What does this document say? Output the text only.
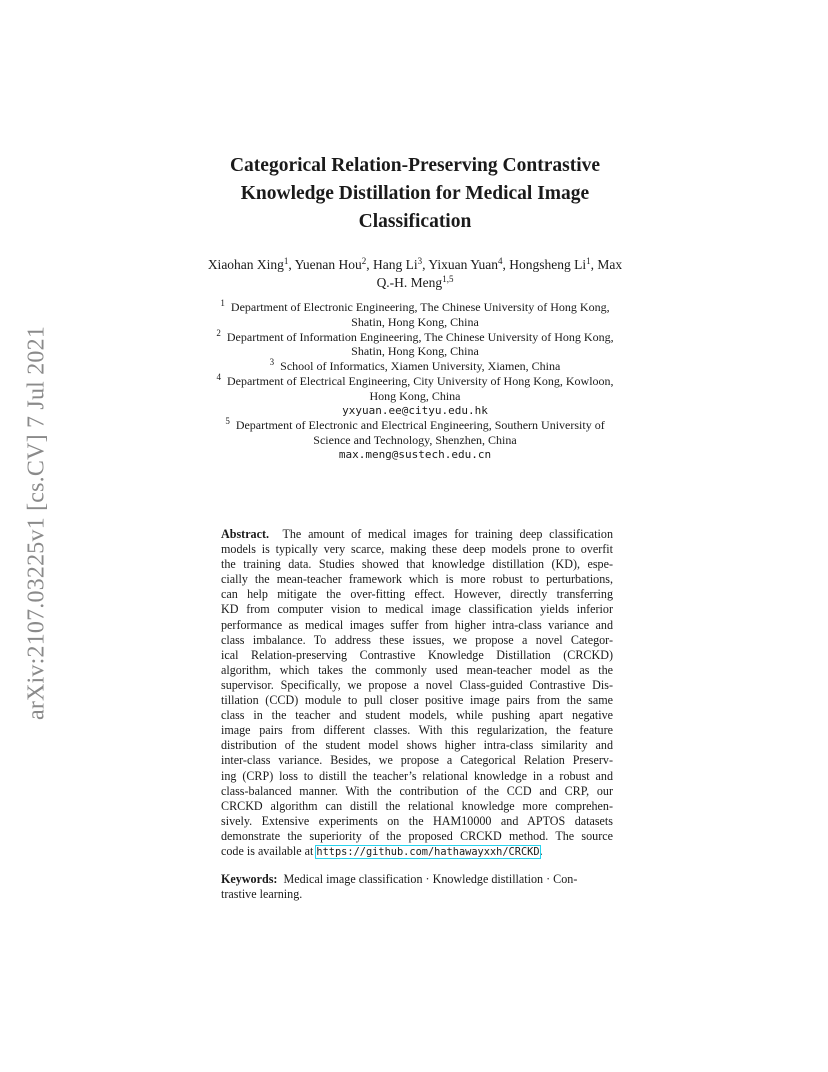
arXiv:2107.03225v1 [cs.CV] 7 Jul 2021
Categorical Relation-Preserving Contrastive
Knowledge Distillation for Medical Image
Classification
Xiaohan Xing$^1$, Yuenan Hou$^2$, Hang Li$^3$, Yixuan Yuan$^4$, Hongsheng Li$^1$, Max
Q.-H. Meng$^{1,5}$
$^1$ Department of Electronic Engineering, The Chinese University of Hong Kong,
Shatin, Hong Kong, China
$^2$ Department of Information Engineering, The Chinese University of Hong Kong,
Shatin, Hong Kong, China
$^3$ School of Informatics, Xiamen University, Xiamen, China
$^4$ Department of Electrical Engineering, City University of Hong Kong, Kowloon,
Hong Kong, China
yxyuan.ee@cityu.edu.hk
$^5$ Department of Electronic and Electrical Engineering, Southern University of
Science and Technology, Shenzhen, China
max.meng@sustech.edu.cn
Abstract. The amount of medical images for training deep classification
models is typically very scarce, making these deep models prone to overfit
the training data. Studies showed that knowledge distillation (KD), espe-
cially the mean-teacher framework which is more robust to perturbations,
can help mitigate the over-fitting effect. However, directly transferring
KD from computer vision to medical image classification yields inferior
performance as medical images suffer from higher intra-class variance and
class imbalance. To address these issues, we propose a novel Categor-
ical Relation-preserving Contrastive Knowledge Distillation (CRCKD)
algorithm, which takes the commonly used mean-teacher model as the
supervisor. Specifically, we propose a novel Class-guided Contrastive Dis-
tillation (CCD) module to pull closer positive image pairs from the same
class in the teacher and student models, while pushing apart negative
image pairs from different classes. With this regularization, the feature
distribution of the student model shows higher intra-class similarity and
inter-class variance. Besides, we propose a Categorical Relation Preserv-
ing (CRP) loss to distill the teacher’s relational knowledge in a robust and
class-balanced manner. With the contribution of the CCD and CRP, our
CRCKD algorithm can distill the relational knowledge more comprehen-
sively. Extensive experiments on the HAM10000 and APTOS datasets
demonstrate the superiority of the proposed CRCKD method. The source
code is available at https://github.com/hathawayxxh/CRCKD.
Keywords: Medical image classification · Knowledge distillation · Con-
trastive learning.
